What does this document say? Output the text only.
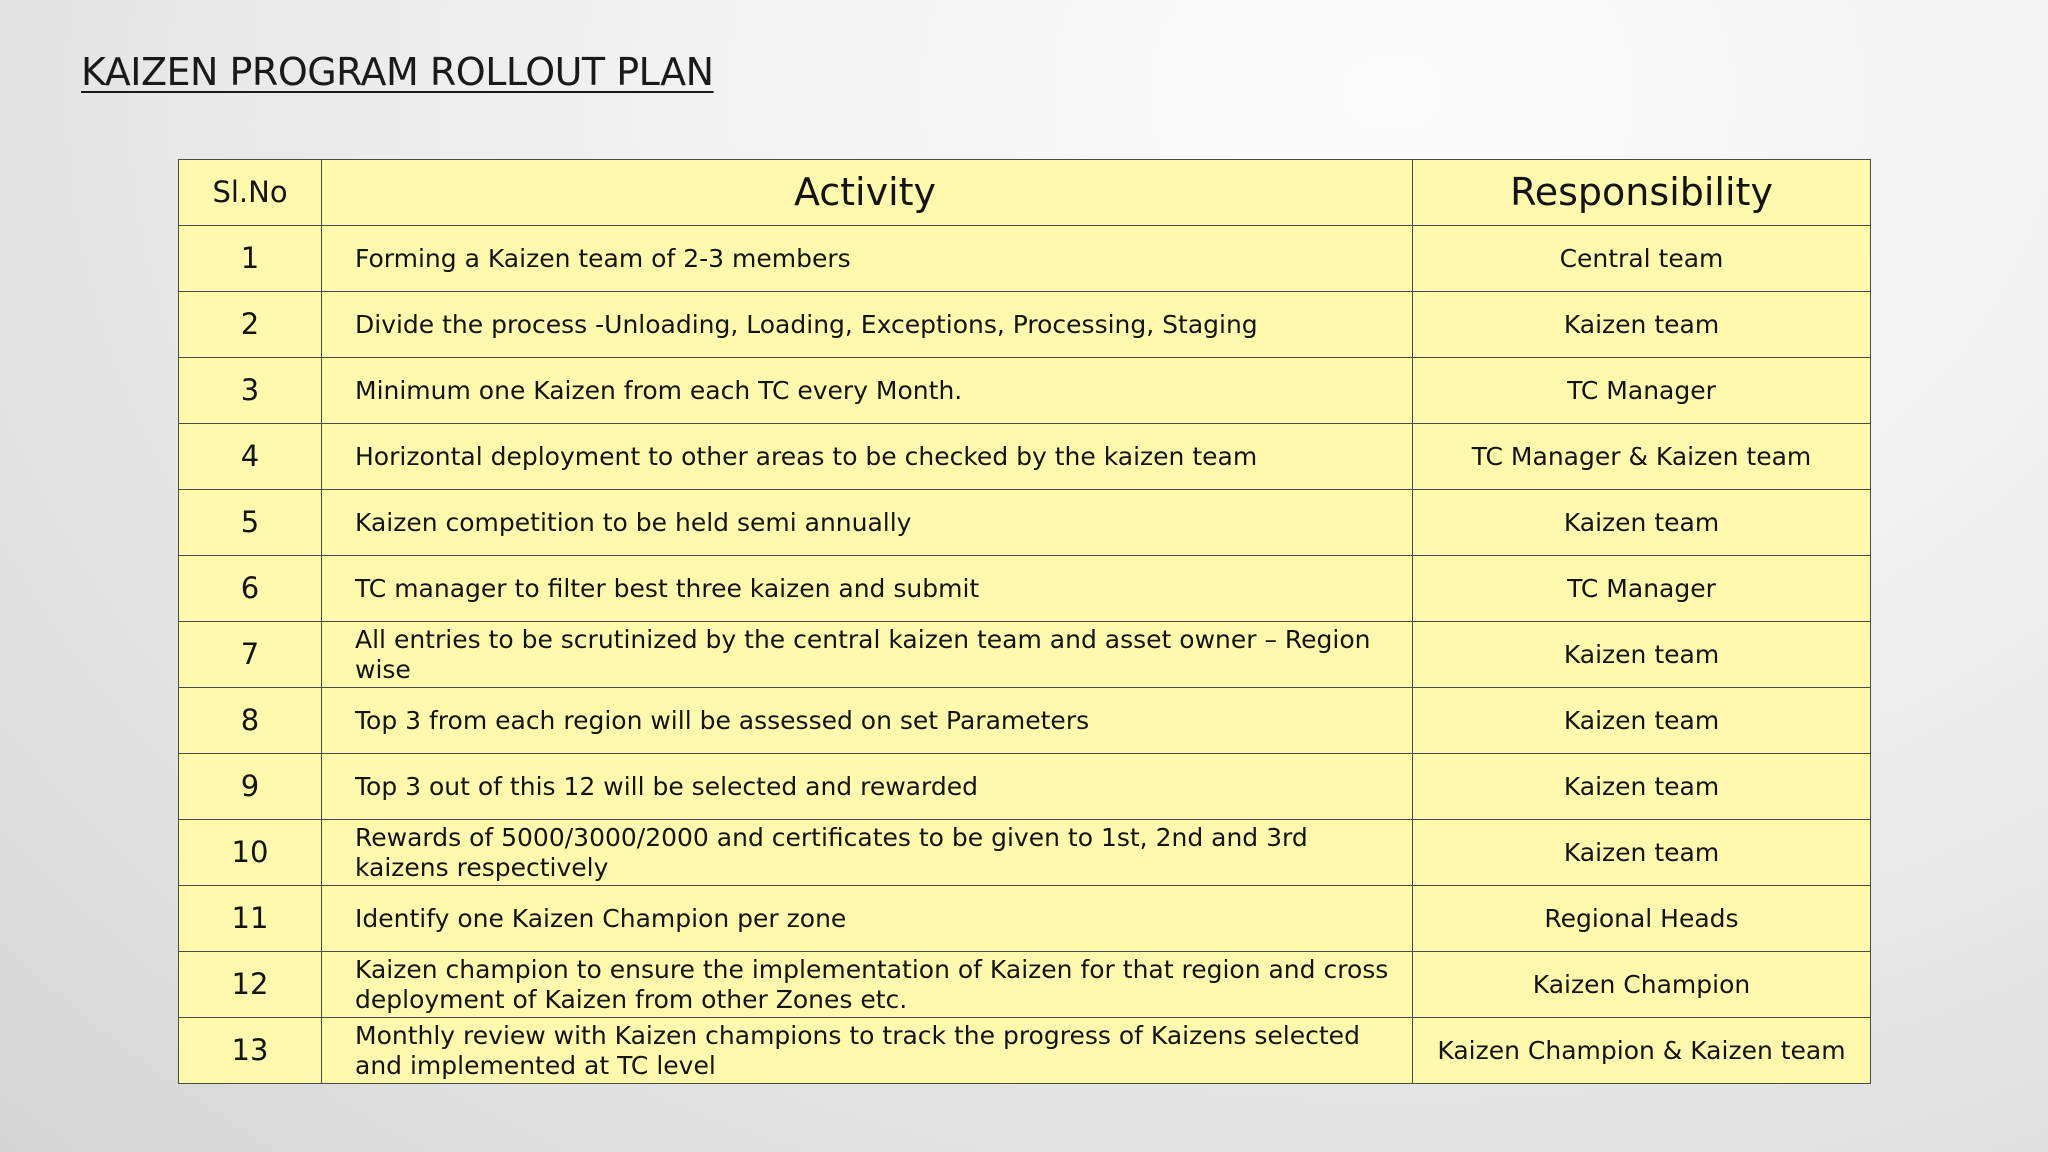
KAIZEN PROGRAM ROLLOUT PLAN
Sl.No	Activity	Responsibility
1	Forming a Kaizen team of 2-3 members	Central team
2	Divide the process -Unloading, Loading, Exceptions, Processing, Staging	Kaizen team
3	Minimum one Kaizen from each TC every Month.	TC Manager
4	Horizontal deployment to other areas to be checked by the kaizen team	TC Manager & Kaizen team
5	Kaizen competition to be held semi annually	Kaizen team
6	TC manager to filter best three kaizen and submit	TC Manager
7	All entries to be scrutinized by the central kaizen team and asset owner – Region wise	Kaizen team
8	Top 3 from each region will be assessed on set Parameters	Kaizen team
9	Top 3 out of this 12 will be selected and rewarded	Kaizen team
10	Rewards of 5000/3000/2000 and certificates to be given to 1st, 2nd and 3rd kaizens respectively	Kaizen team
11	Identify one Kaizen Champion per zone	Regional Heads
12	Kaizen champion to ensure the implementation of Kaizen for that region and cross deployment of Kaizen from other Zones etc.	Kaizen Champion
13	Monthly review with Kaizen champions to track the progress of Kaizens selected and implemented at TC level	Kaizen Champion & Kaizen team
